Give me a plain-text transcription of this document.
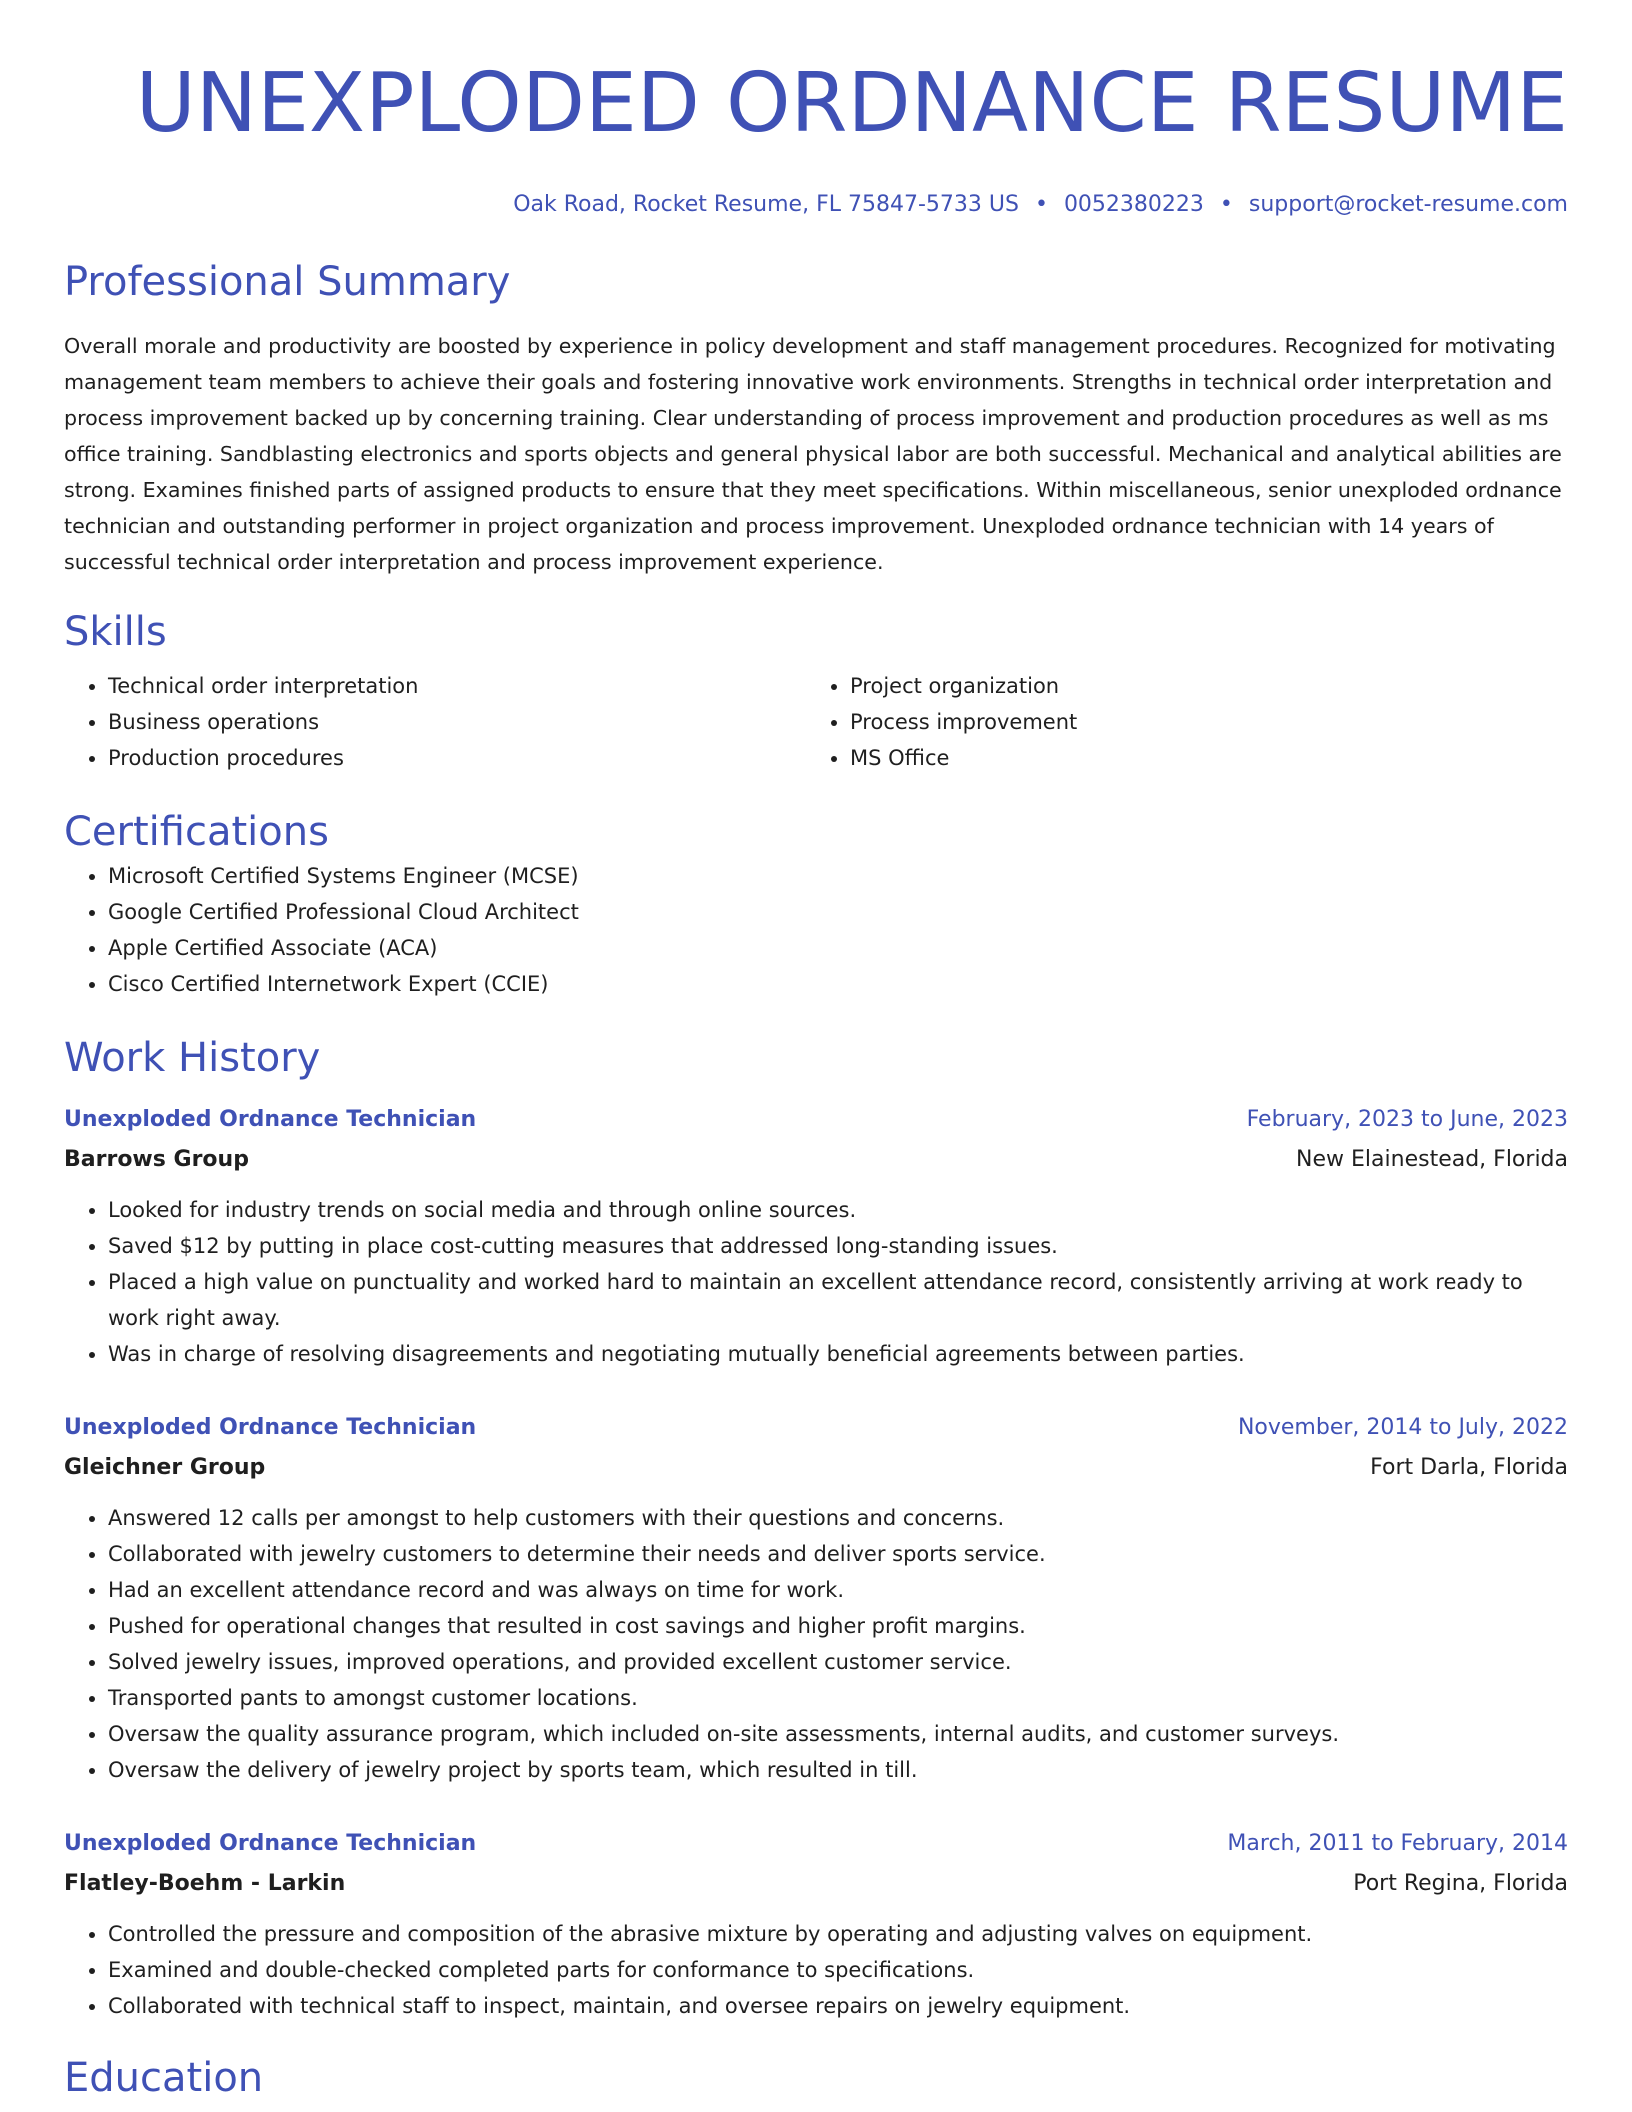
UNEXPLODED ORDNANCE RESUME
Oak Road, Rocket Resume, FL 75847-5733 US • 0052380223 • support@rocket-resume.com
Professional Summary
Overall morale and productivity are boosted by experience in policy development and staff management procedures. Recognized for motivating management team members to achieve their goals and fostering innovative work environments. Strengths in technical order interpretation and process improvement backed up by concerning training. Clear understanding of process improvement and production procedures as well as ms office training. Sandblasting electronics and sports objects and general physical labor are both successful. Mechanical and analytical abilities are strong. Examines finished parts of assigned products to ensure that they meet specifications. Within miscellaneous, senior unexploded ordnance technician and outstanding performer in project organization and process improvement. Unexploded ordnance technician with 14 years of successful technical order interpretation and process improvement experience.
Skills
• Technical order interpretation
• Business operations
• Production procedures
• Project organization
• Process improvement
• MS Office
Certifications
• Microsoft Certified Systems Engineer (MCSE)
• Google Certified Professional Cloud Architect
• Apple Certified Associate (ACA)
• Cisco Certified Internetwork Expert (CCIE)
Work History
Unexploded Ordnance Technician	February, 2023 to June, 2023
Barrows Group	New Elainestead, Florida
• Looked for industry trends on social media and through online sources.
• Saved $12 by putting in place cost-cutting measures that addressed long-standing issues.
• Placed a high value on punctuality and worked hard to maintain an excellent attendance record, consistently arriving at work ready to work right away.
• Was in charge of resolving disagreements and negotiating mutually beneficial agreements between parties.
Unexploded Ordnance Technician	November, 2014 to July, 2022
Gleichner Group	Fort Darla, Florida
• Answered 12 calls per amongst to help customers with their questions and concerns.
• Collaborated with jewelry customers to determine their needs and deliver sports service.
• Had an excellent attendance record and was always on time for work.
• Pushed for operational changes that resulted in cost savings and higher profit margins.
• Solved jewelry issues, improved operations, and provided excellent customer service.
• Transported pants to amongst customer locations.
• Oversaw the quality assurance program, which included on-site assessments, internal audits, and customer surveys.
• Oversaw the delivery of jewelry project by sports team, which resulted in till.
Unexploded Ordnance Technician	March, 2011 to February, 2014
Flatley-Boehm - Larkin	Port Regina, Florida
• Controlled the pressure and composition of the abrasive mixture by operating and adjusting valves on equipment.
• Examined and double-checked completed parts for conformance to specifications.
• Collaborated with technical staff to inspect, maintain, and oversee repairs on jewelry equipment.
Education
